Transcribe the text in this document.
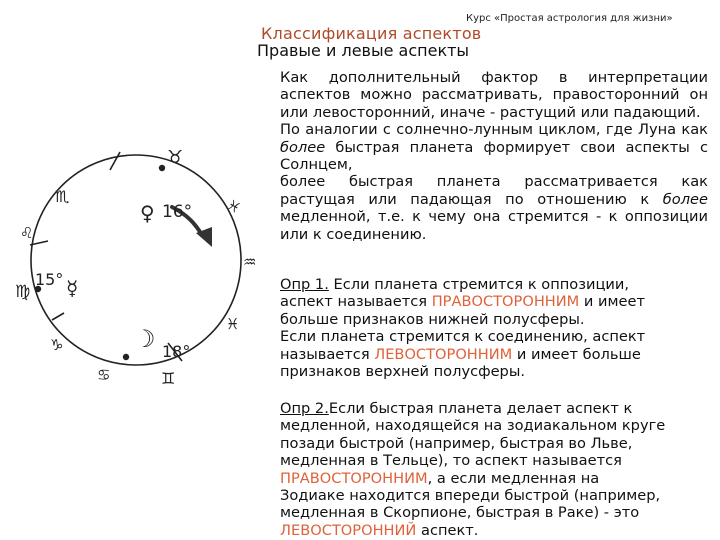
Курс «Простая астрология для жизни»
Классификация аспектов
Правые и левые аспекты
♉
♏
♓
♌
♒
♑
♋	♊
♓
♀ 16°
♍
15° ☿
☽ 18°

Как дополнительный фактор в интерпретации аспектов можно рассматривать, правосторонний он или левосторонний, иначе - растущий или падающий.

По аналогии с солнечно-лунным циклом, где Луна как более быстрая планета формирует свои аспекты с Солнцем,

более быстрая планета рассматривается как растущая или падающая по отношению к более медленной, т.е. к чему она стремится - к оппозиции или к соединению.

Опр 1. Если планета стремится к оппозиции,

аспект называется ПРАВОСТОРОННИМ и имеет

больше признаков нижней полусферы.

Если планета стремится к соединению, аспект

называется ЛЕВОСТОРОННИМ и имеет больше

признаков верхней полусферы.

Опр 2.Если быстрая планета делает аспект к

медленной, находящейся на зодиакальном круге

позади быстрой (например, быстрая во Льве,

медленная в Тельце), то аспект называется

ПРАВОСТОРОННИМ, а если медленная на

Зодиаке находится впереди быстрой (например,

медленная в Скорпионе, быстрая в Раке) - это

ЛЕВОСТОРОННИЙ аспект.
